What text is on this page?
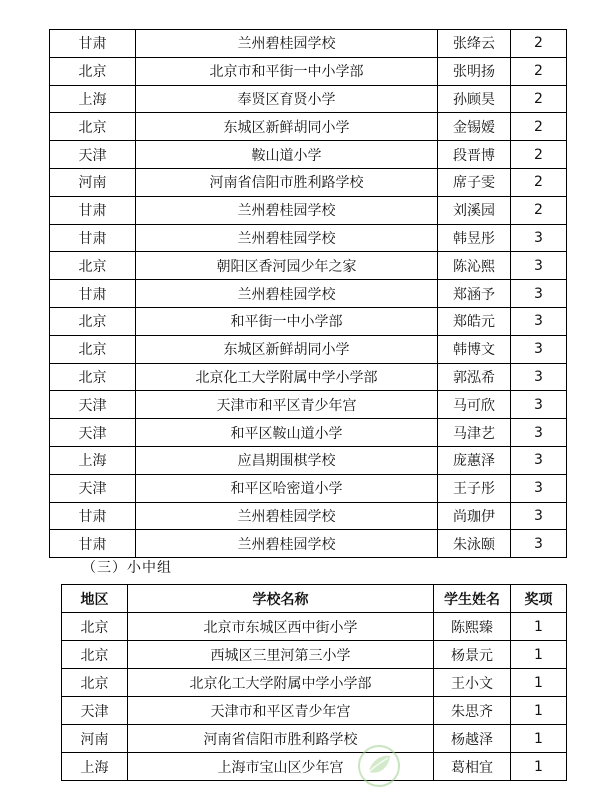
甘肃	兰州碧桂园学校	张绛云	2
北京	北京市和平街一中小学部	张明扬	2
上海	奉贤区育贤小学	孙顾昊	2
北京	东城区新鲜胡同小学	金锡嫒	2
天津	鞍山道小学	段晋博	2
河南	河南省信阳市胜利路学校	席子雯	2
甘肃	兰州碧桂园学校	刘溪园	2
甘肃	兰州碧桂园学校	韩昱彤	3
北京	朝阳区香河园少年之家	陈沁熙	3
甘肃	兰州碧桂园学校	郑涵予	3
北京	和平街一中小学部	郑皓元	3
北京	东城区新鲜胡同小学	韩博文	3
北京	北京化工大学附属中学小学部	郭泓希	3
天津	天津市和平区青少年宫	马可欣	3
天津	和平区鞍山道小学	马津艺	3
上海	应昌期围棋学校	庞蕙泽	3
天津	和平区哈密道小学	王子彤	3
甘肃	兰州碧桂园学校	尚珈伊	3
甘肃	兰州碧桂园学校	朱泳颐	3
（三）小中组
地区	学校名称	学生姓名	奖项
北京	北京市东城区西中街小学	陈熙臻	1
北京	西城区三里河第三小学	杨景元	1
北京	北京化工大学附属中学小学部	王小文	1
天津	天津市和平区青少年宫	朱思齐	1
河南	河南省信阳市胜利路学校	杨越泽	1
上海	上海市宝山区少年宫	葛相宜	1
